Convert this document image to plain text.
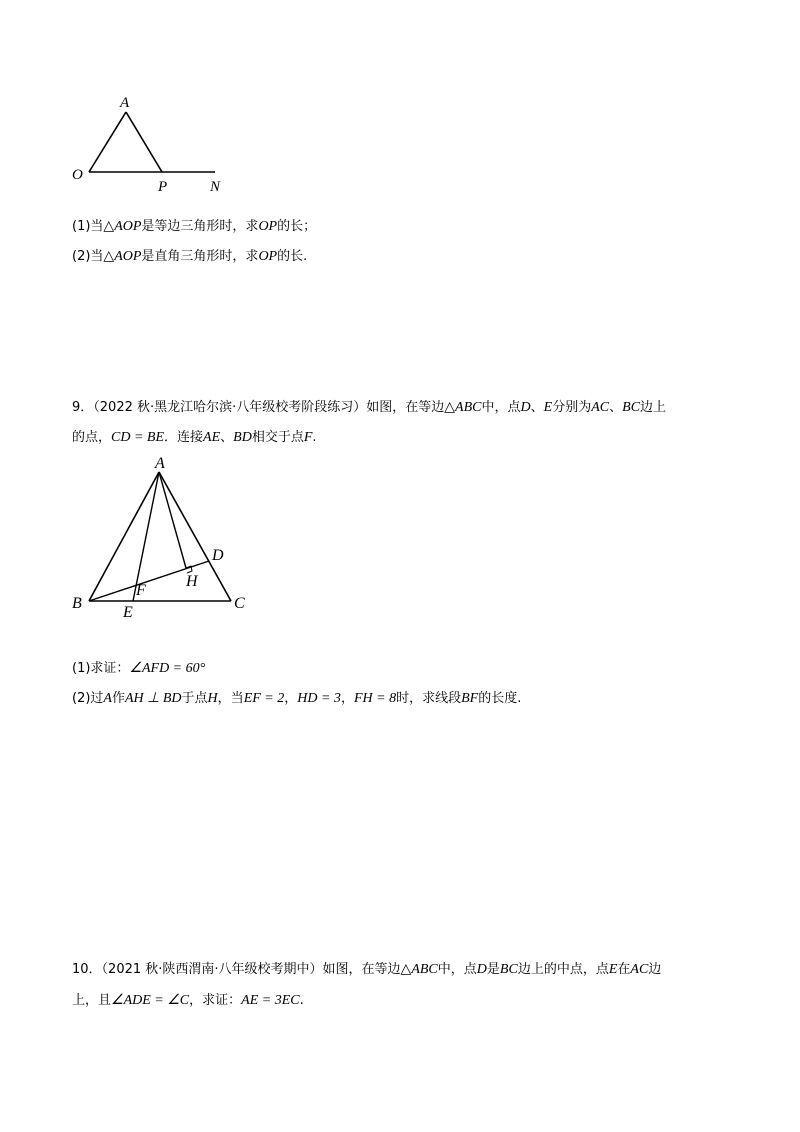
A
O
P	N
(1)当△AOP是等边三角形时，求OP的长；
(2)当△AOP是直角三角形时，求OP的长.
9．（2022 秋·黑龙江哈尔滨·八年级校考阶段练习）如图，在等边△ABC中，点D、E分别为AC、BC边上
的点，CD = BE．连接AE、BD相交于点F.
A
B	C
D
E
F
H
(1)求证：∠AFD = 60°
(2)过A作AH ⊥ BD于点H，当EF = 2，HD = 3，FH = 8时，求线段BF的长度.
10．（2021 秋·陕西渭南·八年级校考期中）如图，在等边△ABC中，点D是BC边上的中点，点E在AC边
上，且∠ADE = ∠C，求证：AE = 3EC.
